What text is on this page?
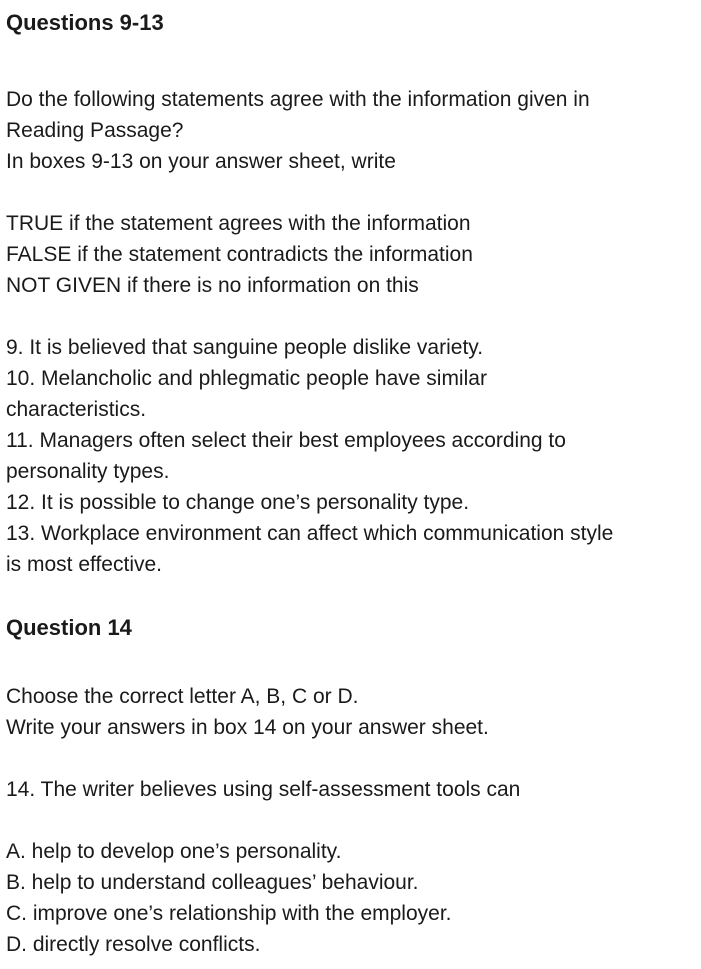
Questions 9-13

Do the following statements agree with the information given in

Reading Passage?

In boxes 9-13 on your answer sheet, write

TRUE if the statement agrees with the information

FALSE if the statement contradicts the information

NOT GIVEN if there is no information on this

9. It is believed that sanguine people dislike variety.

10. Melancholic and phlegmatic people have similar

characteristics.

11. Managers often select their best employees according to

personality types.

12. It is possible to change one’s personality type.

13. Workplace environment can affect which communication style

is most effective.

Question 14

Choose the correct letter A, B, C or D.

Write your answers in box 14 on your answer sheet.

14. The writer believes using self-assessment tools can

A. help to develop one’s personality.

B. help to understand colleagues’ behaviour.

C. improve one’s relationship with the employer.

D. directly resolve conflicts.
